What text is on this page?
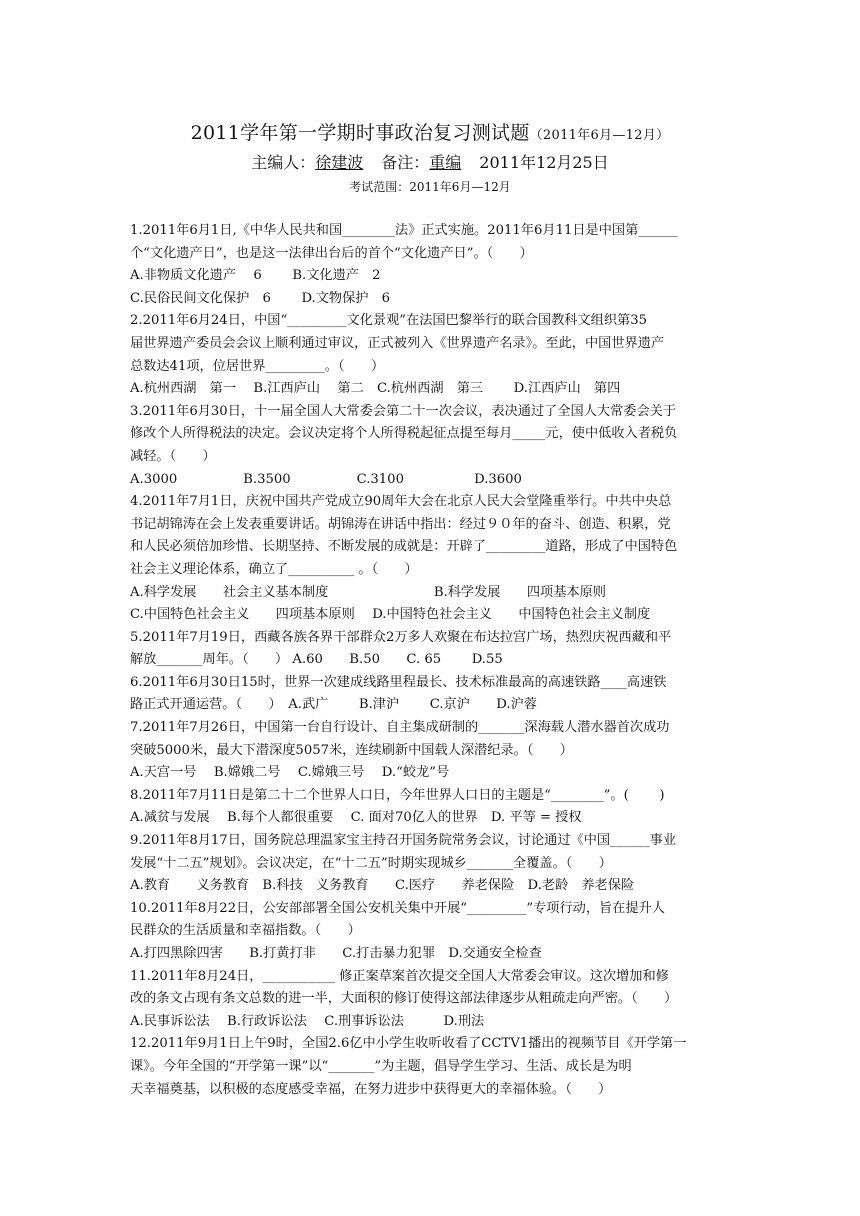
2011学年第一学期时事政治复习测试题（2011年6月—12月）
主编人：徐建波 备注：重编 2011年12月25日
考试范围：2011年6月—12月
1.2011年6月1日,《中华人民共和国________法》正式实施。2011年6月11日是中国第______
个“文化遗产日”，也是这一法律出台后的首个“文化遗产日”。（　　）
A.非物质文化遗产　 6　　 B.文化遗产　2
C.民俗民间文化保护　6　　 D.文物保护　6
2.2011年6月24日，中国“_________文化景观”在法国巴黎举行的联合国教科文组织第35
届世界遗产委员会会议上顺利通过审议，正式被列入《世界遗产名录》。至此，中国世界遗产
总数达41项，位居世界_________。（　　）
A.杭州西湖　第一　 B.江西庐山　 第二　C.杭州西湖　第三　　 D.江西庐山　第四
3.2011年6月30日，十一届全国人大常委会第二十一次会议，表决通过了全国人大常委会关于
修改个人所得税法的决定。会议决定将个人所得税起征点提至每月_____元，使中低收入者税负
减轻。（　　）
A.3000　　　　　B.3500　　　　　C.3100　　　　　 D.3600
4.2011年7月1日，庆祝中国共产党成立90周年大会在北京人民大会堂隆重举行。中共中央总
书记胡锦涛在会上发表重要讲话。胡锦涛在讲话中指出：经过９０年的奋斗、创造、积累，党
和人民必须倍加珍惜、长期坚持、不断发展的成就是：开辟了_________道路，形成了中国特色
社会主义理论体系，确立了__________ 。（　　）
A.科学发展　　社会主义基本制度　　　　　　　　B.科学发展　　四项基本原则
C.中国特色社会主义　　四项基本原则　 D.中国特色社会主义　　中国特色社会主义制度
5.2011年7月19日，西藏各族各界干部群众2万多人欢聚在布达拉宫广场，热烈庆祝西藏和平
解放_______周年。（　　） A.60　　B.50　　C. 65　　 D.55
6.2011年6月30日15时，世界一次建成线路里程最长、技术标准最高的高速铁路____高速铁
路正式开通运营。（　　）　A.武广　　 B.津沪　　 C.京沪　　D.沪蓉
7.2011年7月26日，中国第一台自行设计、自主集成研制的_______深海载人潜水器首次成功
突破5000米，最大下潜深度5057米，连续刷新中国载人深潜纪录。（　　）
A.天宫一号　 B.嫦娥二号　 C.嫦娥三号　 D.“蛟龙”号
8.2011年7月11日是第二十二个世界人口日，今年世界人口日的主题是“________”。(　　 )
A.减贫与发展　 B.每个人都很重要　 C. 面对70亿人的世界　D. 平等 = 授权
9.2011年8月17日，国务院总理温家宝主持召开国务院常务会议，讨论通过《中国______事业
发展“十二五”规划》。会议决定，在“十二五”时期实现城乡_______全覆盖。（　　）
A.教育　　义务教育　B.科技　义务教育　　C.医疗　　养老保险　D.老龄　养老保险
10.2011年8月22日，公安部部署全国公安机关集中开展“_________”专项行动，旨在提升人
民群众的生活质量和幸福指数。（　　）
A.打四黑除四害　　B.打黄打非　　C.打击暴力犯罪　D.交通安全检查
11.2011年8月24日，___________ 修正案草案首次提交全国人大常委会审议。这次增加和修
改的条文占现有条文总数的进一半，大面积的修订使得这部法律逐步从粗疏走向严密。（　　）
A.民事诉讼法　 B.行政诉讼法　 C.刑事诉讼法　　　D.刑法
12.2011年9月1日上午9时，全国2.6亿中小学生收听收看了CCTV1播出的视频节目《开学第一
课》。今年全国的“开学第一课”以“_______”为主题，倡导学生学习、生活、成长是为明
天幸福奠基，以积极的态度感受幸福，在努力进步中获得更大的幸福体验。（　　）
